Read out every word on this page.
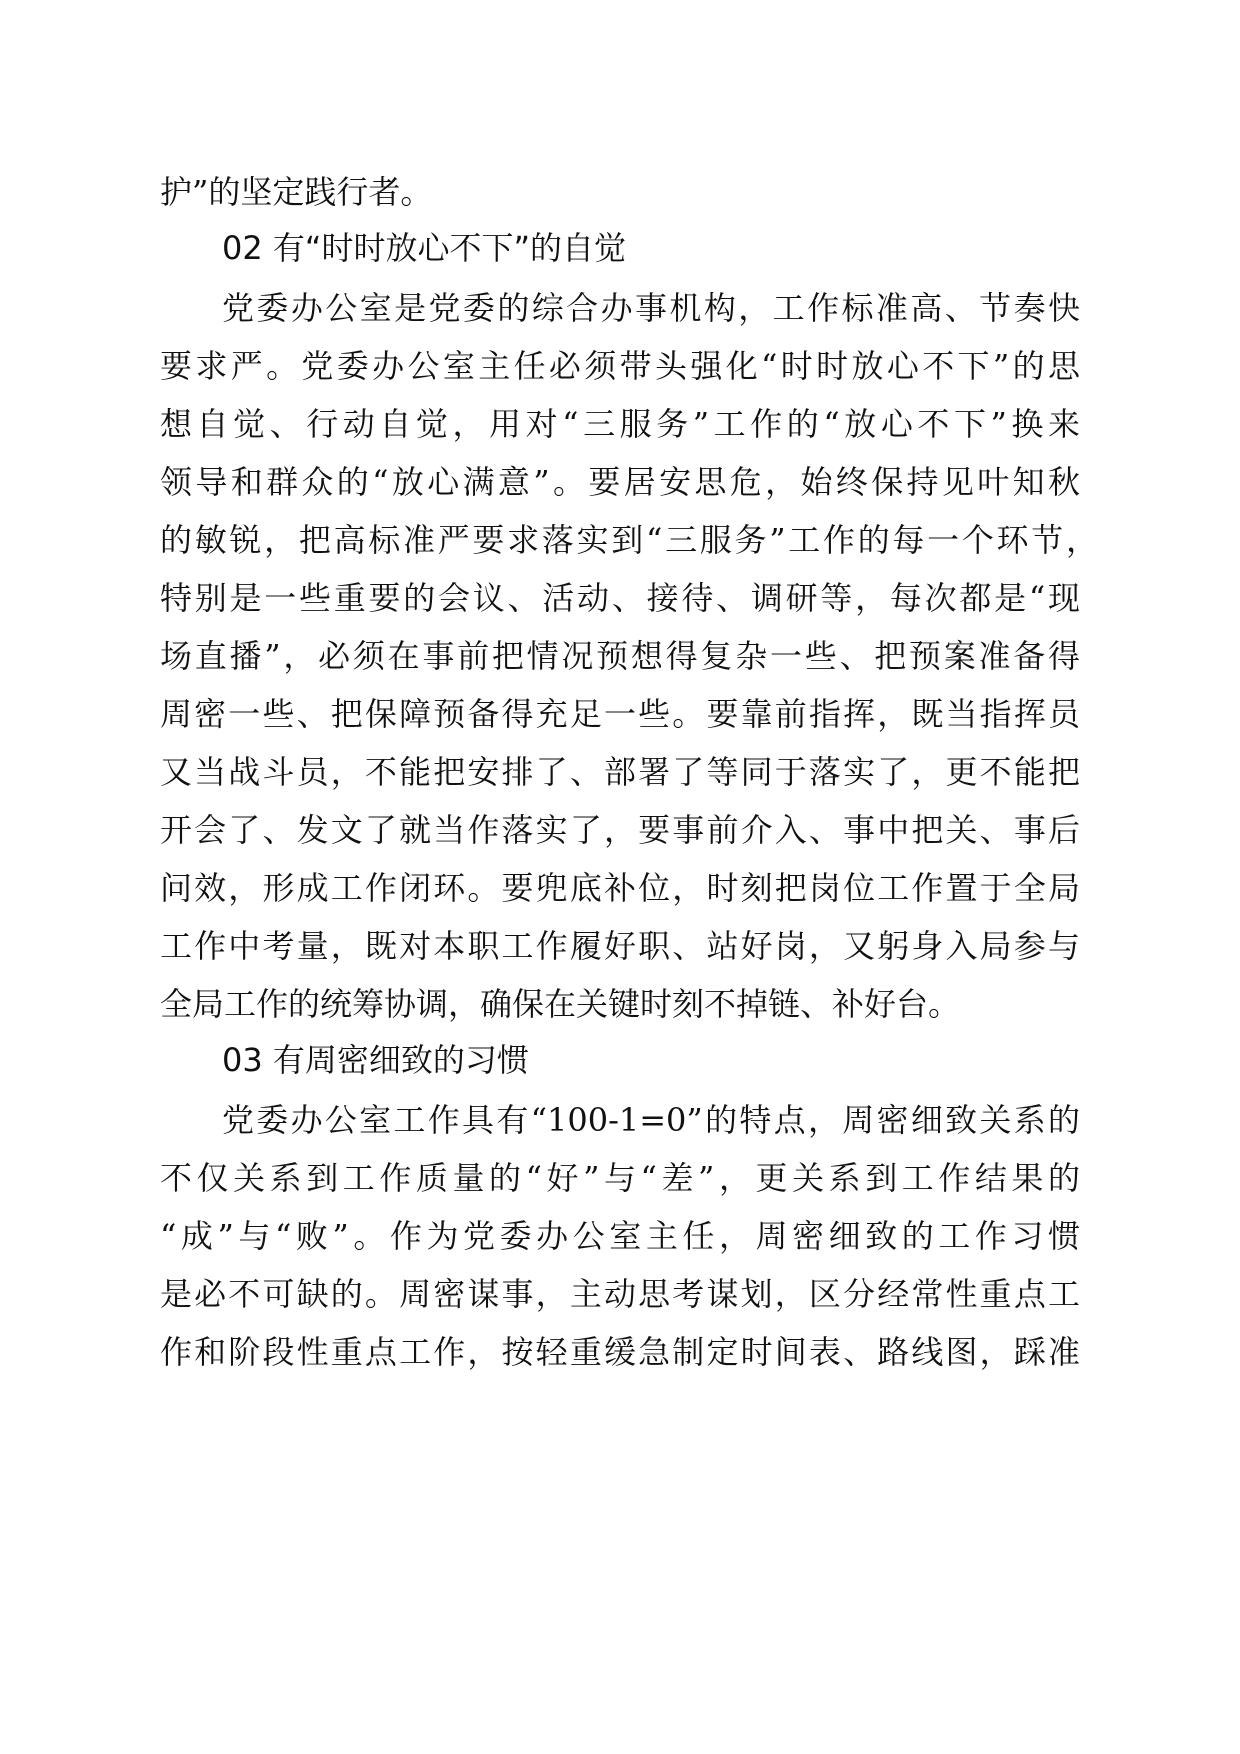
护”的坚定践行者。
02 有“时时放心不下”的自觉
党委办公室是党委的综合办事机构，工作标准高、节奏快
要求严。党委办公室主任必须带头强化“时时放心不下”的思
想自觉、行动自觉，用对“三服务”工作的“放心不下”换来
领导和群众的“放心满意”。要居安思危，始终保持见叶知秋
的敏锐，把高标准严要求落实到“三服务”工作的每一个环节，
特别是一些重要的会议、活动、接待、调研等，每次都是“现
场直播”，必须在事前把情况预想得复杂一些、把预案准备得
周密一些、把保障预备得充足一些。要靠前指挥，既当指挥员
又当战斗员，不能把安排了、部署了等同于落实了，更不能把
开会了、发文了就当作落实了，要事前介入、事中把关、事后
问效，形成工作闭环。要兜底补位，时刻把岗位工作置于全局
工作中考量，既对本职工作履好职、站好岗，又躬身入局参与
全局工作的统筹协调，确保在关键时刻不掉链、补好台。
03 有周密细致的习惯
党委办公室工作具有“100-1=0”的特点，周密细致关系的
不仅关系到工作质量的“好”与“差”，更关系到工作结果的
“成”与“败”。作为党委办公室主任，周密细致的工作习惯
是必不可缺的。周密谋事，主动思考谋划，区分经常性重点工
作和阶段性重点工作，按轻重缓急制定时间表、路线图，踩准
